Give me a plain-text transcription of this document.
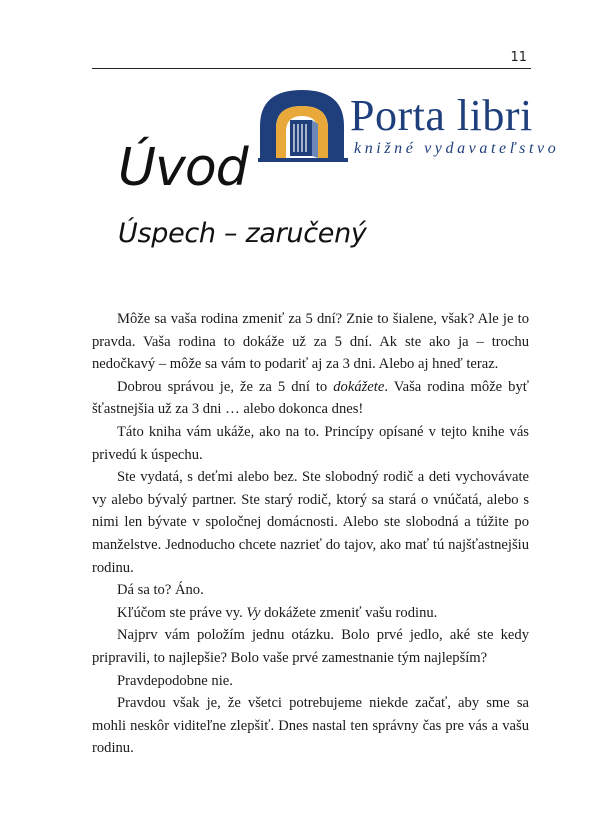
11
Porta libri
knižné vydavateľstvo
Úvod
Úspech – zaručený

Môže sa vaša rodina zmeniť za 5 dní? Znie to šialene, však? Ale je to pravda. Vaša rodina to dokáže už za 5 dní. Ak ste ako ja – trochu nedočkavý – môže sa vám to podariť aj za 3 dni. Alebo aj hneď teraz.

Dobrou správou je, že za 5 dní to dokážete. Vaša rodina môže byť šťastnejšia už za 3 dni … alebo dokonca dnes!

Táto kniha vám ukáže, ako na to. Princípy opísané v tejto knihe vás privedú k úspechu.

Ste vydatá, s deťmi alebo bez. Ste slobodný rodič a deti vychovávate vy alebo bývalý partner. Ste starý rodič, ktorý sa stará o vnúčatá, alebo s nimi len bývate v spoločnej domácnosti. Alebo ste slobodná a túžite po manželstve. Jednoducho chcete nazrieť do tajov, ako mať tú najšťastnejšiu rodinu.

Dá sa to? Áno.

Kľúčom ste práve vy. Vy dokážete zmeniť vašu rodinu.

Najprv vám položím jednu otázku. Bolo prvé jedlo, aké ste kedy pripravili, to najlepšie? Bolo vaše prvé zamestnanie tým najlepším?

Pravdepodobne nie.

Pravdou však je, že všetci potrebujeme niekde začať, aby sme sa mohli neskôr viditeľne zlepšiť. Dnes nastal ten správny čas pre vás a vašu rodinu.
